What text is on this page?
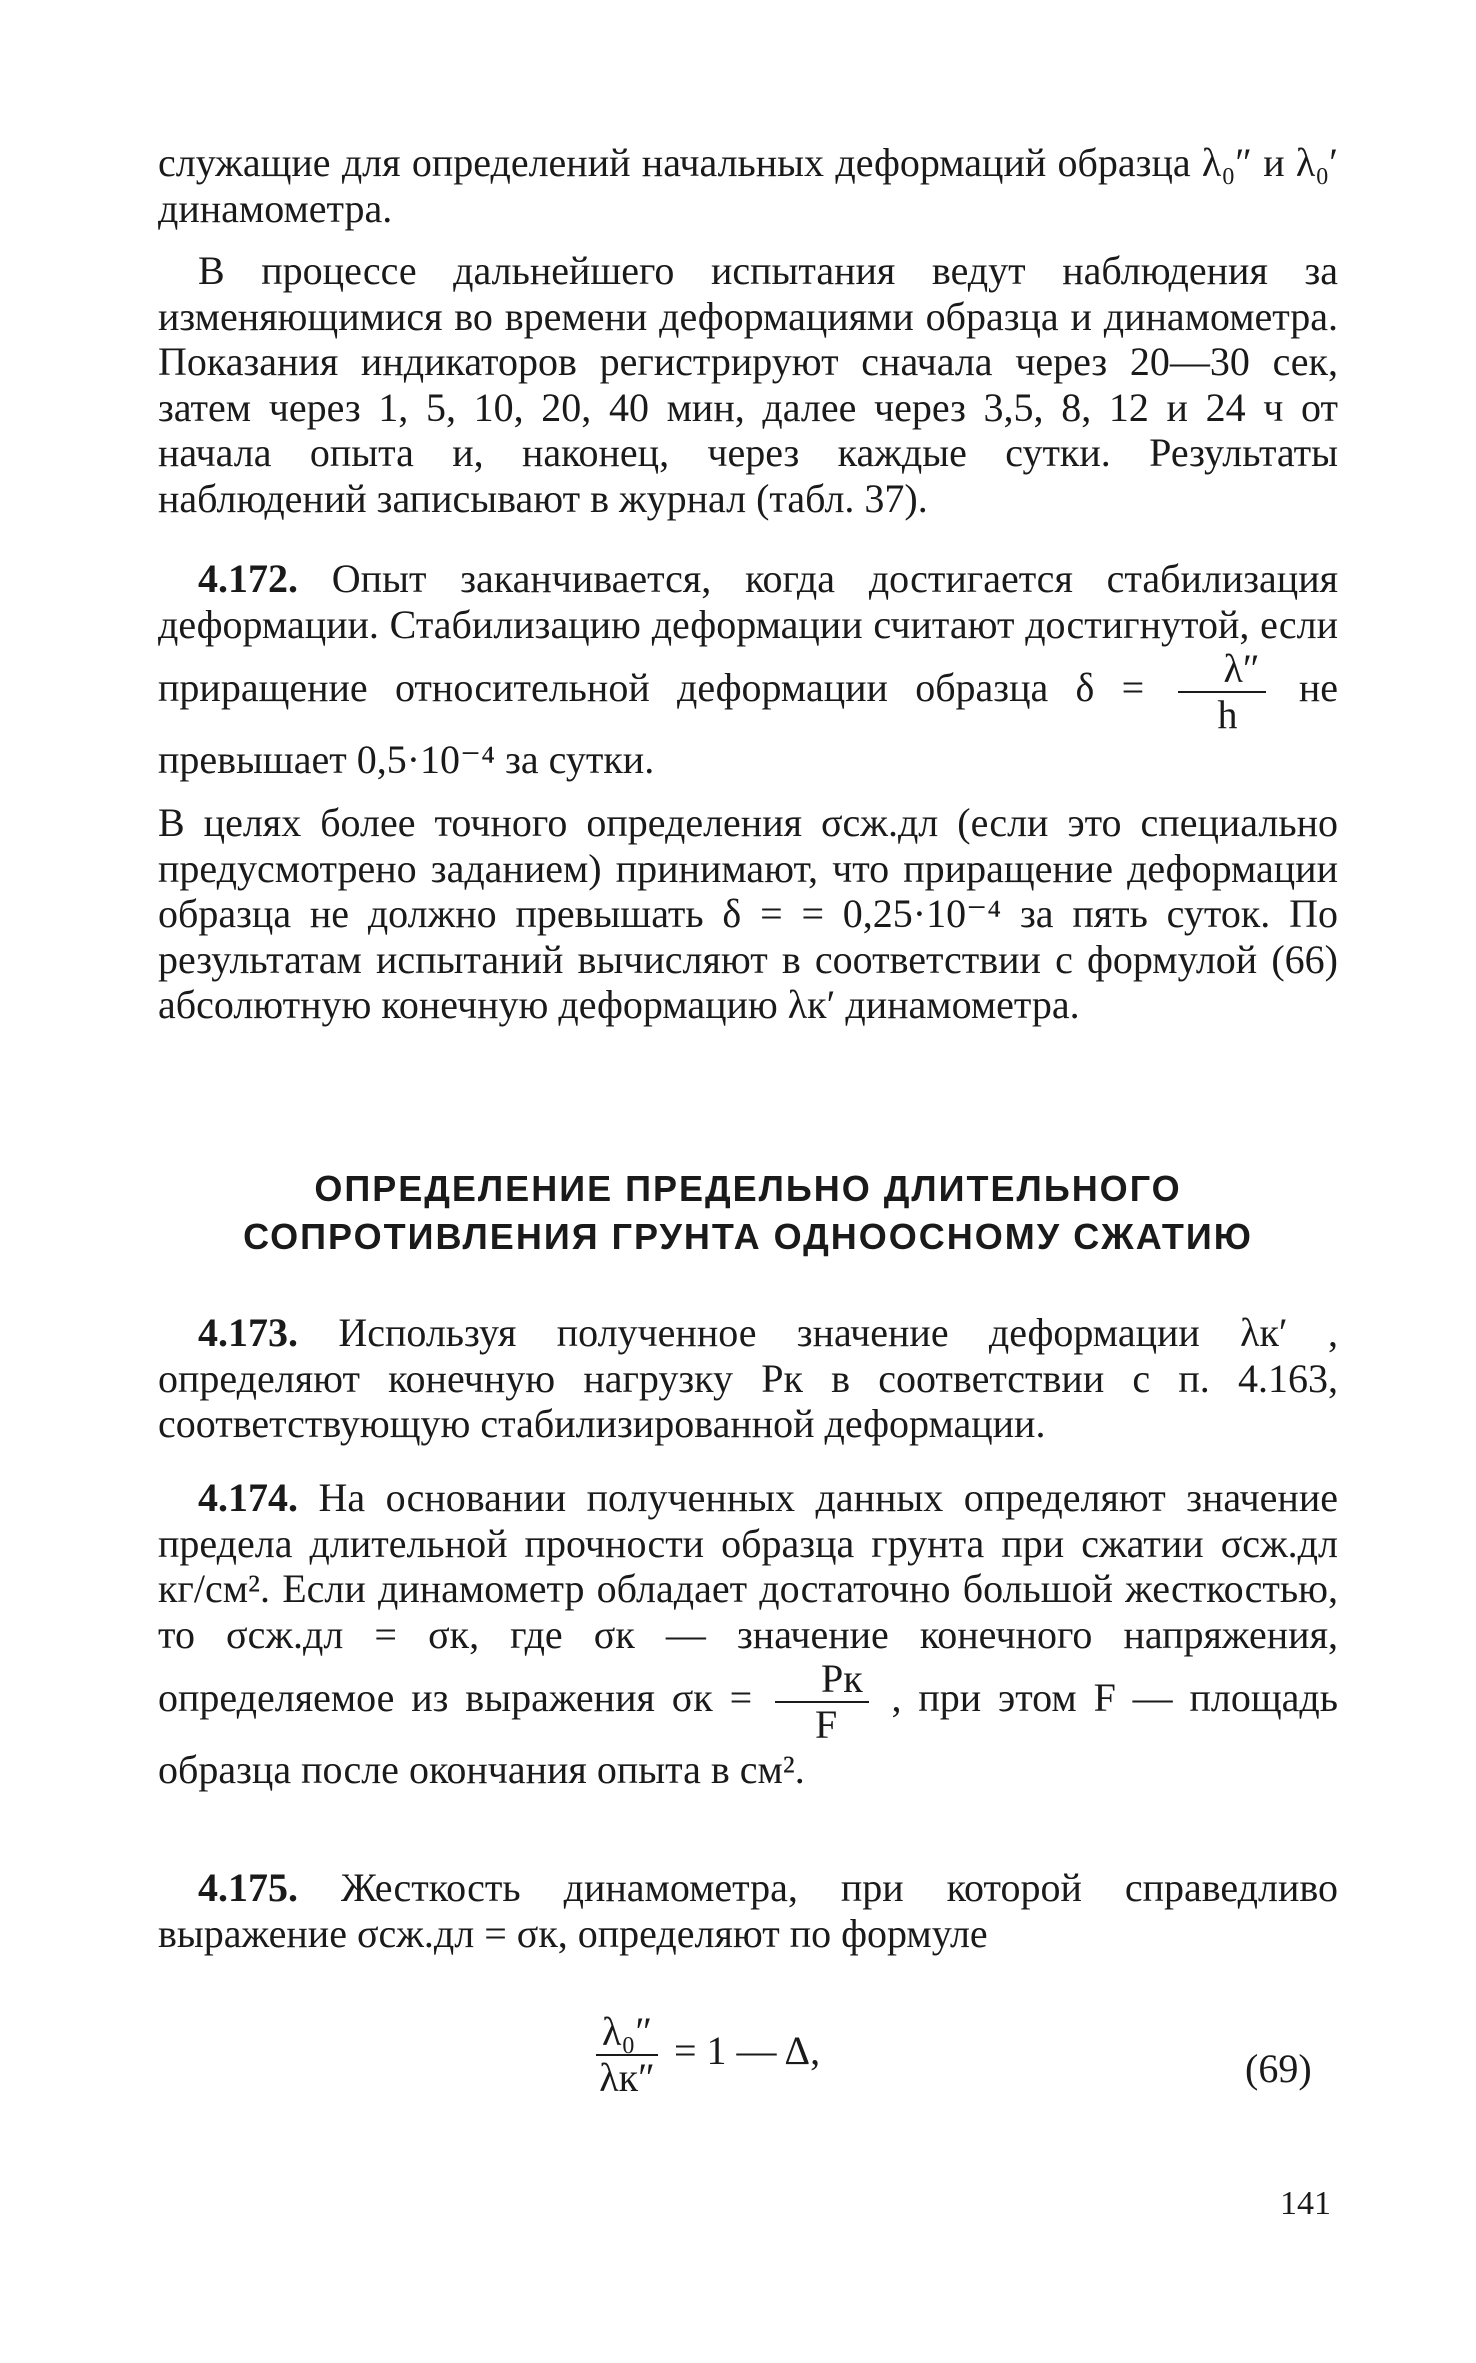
служащие для определений начальных деформаций образца λ₀″ и λ₀′ динамометра.

В процессе дальнейшего испытания ведут наблюдения за изменяющимися во времени деформациями образца и динамометра. Показания индикаторов регистрируют сначала через 20—30 сек, затем через 1, 5, 10, 20, 40 мин, далее через 3,5, 8, 12 и 24 ч от начала опыта и, наконец, через каждые сутки. Результаты наблюдений записывают в журнал (табл. 37).

4.172. Опыт заканчивается, когда достигается стабилизация деформации. Стабилизацию деформации считают достигнутой, если приращение относительной деформации образца $\delta = \frac{\lambda''}{h}$ не превышает 0,5·10⁻⁴ за сутки.

В целях более точного определения σсж.дл (если это специально предусмотрено заданием) принимают, что приращение деформации образца не должно превышать δ = = 0,25·10⁻⁴ за пять суток. По результатам испытаний вычисляют в соответствии с формулой (66) абсолютную конечную деформацию λк′ динамометра.

ОПРЕДЕЛЕНИЕ ПРЕДЕЛЬНО ДЛИТЕЛЬНОГО
СОПРОТИВЛЕНИЯ ГРУНТА ОДНООСНОМУ СЖАТИЮ
4.173. Используя полученное значение деформации λк′ , определяют конечную нагрузку Pк в соответствии с п. 4.163, соответствующую стабилизированной деформации.
4.174. На основании полученных данных определяют значение предела длительной прочности образца грунта при сжатии σсж.дл кг/см². Если динамометр обладает достаточно большой жесткостью, то σсж.дл = σк, где σк — значение конечного напряжения, определяемое из выражения $\sigma к = \frac{Pк}{F}$ , при этом F — площадь образца после окончания опыта в см².
4.175. Жесткость динамометра, при которой справедливо выражение σсж.дл = σк, определяют по формуле
$\frac{\text{λ₀″}}{\lambda к''} = 1$ — Δ,	(69)
141
